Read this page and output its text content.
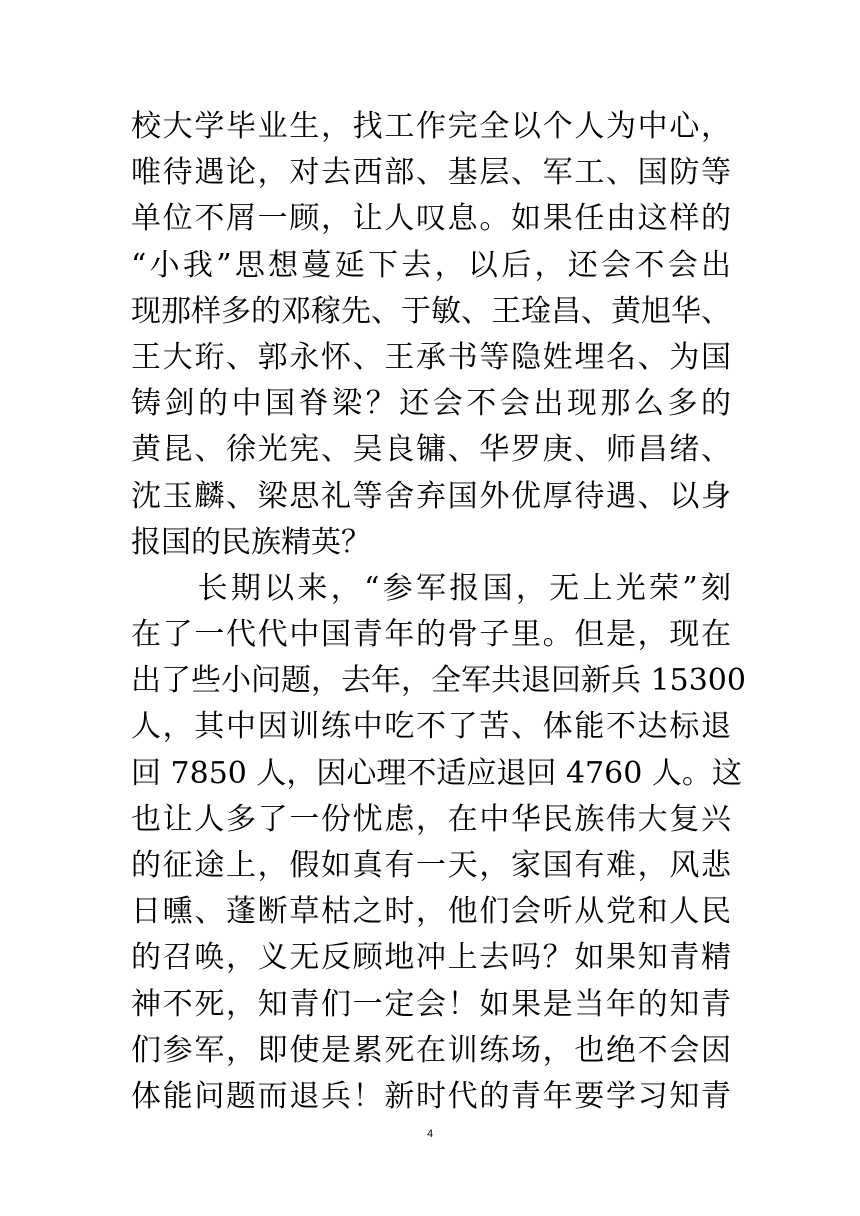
校大学毕业生，找工作完全以个人为中心，
唯待遇论，对去西部、基层、军工、国防等
单位不屑一顾，让人叹息。如果任由这样的
“小我”思想蔓延下去，以后，还会不会出
现那样多的邓稼先、于敏、王琻昌、黄旭华、
王大珩、郭永怀、王承书等隐姓埋名、为国
铸剑的中国脊梁？还会不会出现那么多的
黄昆、徐光宪、吴良镛、华罗庚、师昌绪、
沈玉麟、梁思礼等舍弃国外优厚待遇、以身
报国的民族精英？
　　长期以来，“参军报国，无上光荣”刻
在了一代代中国青年的骨子里。但是，现在
出了些小问题，去年，全军共退回新兵 15300
人，其中因训练中吃不了苦、体能不达标退
回 7850 人，因心理不适应退回 4760 人。这
也让人多了一份忧虑，在中华民族伟大复兴
的征途上，假如真有一天，家国有难，风悲
日曛、蓬断草枯之时，他们会听从党和人民
的召唤，义无反顾地冲上去吗？如果知青精
神不死，知青们一定会！如果是当年的知青
们参军，即使是累死在训练场，也绝不会因
体能问题而退兵！新时代的青年要学习知青
4
